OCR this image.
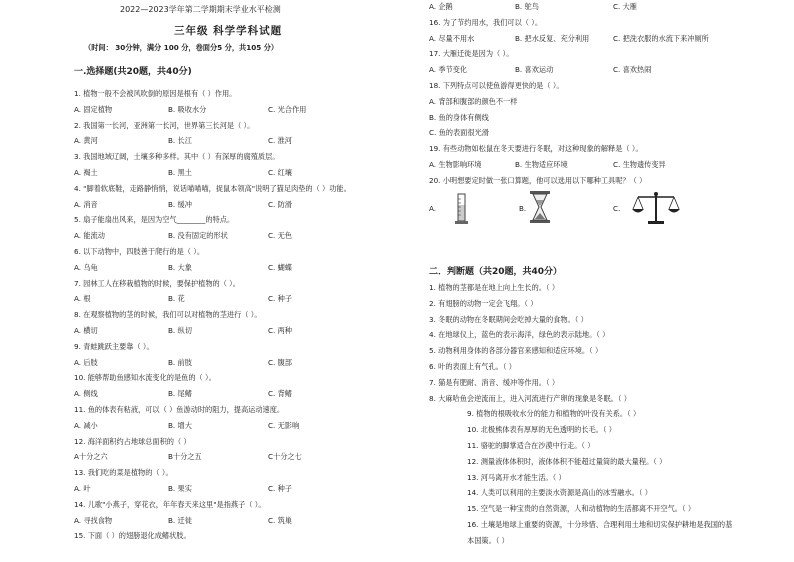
2022—2023学年第二学期期末学业水平检测
三年级 科学学科试题
（时间： 30分钟，满分 100 分，卷面分5 分，共105 分）
一.选择题(共20题，共40分)
1. 植物一般不会被风吹倒的原因是根有（ ）作用。
A. 固定植物	B. 吸收水分	C. 光合作用
2. 我国第一长河，亚洲第一长河，世界第三长河是（ ）。
A. 黄河	B. 长江	C. 淮河
3. 我国地域辽阔，土壤多种多样。其中（ ）有深厚的腐殖质层。
A. 褐土	B. 黑土	C. 红壤
4. "脚着软底鞋，走路静悄悄，说话喵喵喵，捉鼠本领高"说明了猫足肉垫的（ ）功能。
A. 消音	B. 缓冲	C. 防滑
5. 扇子能扇出风来，是因为空气________的特点。
A. 能流动	B. 没有固定的形状	C. 无色
6. 以下动物中，四肢善于爬行的是（ ）。
A. 乌龟	B. 大象	C. 蝴蝶
7. 园林工人在移栽植物的时候，要保护植物的（ ）。
A. 根	B. 花	C. 种子
8. 在观察植物的茎的时候，我们可以对植物的茎进行（ ）。
A. 横切	B. 纵切	C. 两种
9. 青蛙跳跃主要靠（ ）。
A. 后肢	B. 前肢	C. 腹部
10. 能够帮助鱼感知水流变化的是鱼的（ ）。
A. 侧线	B. 尾鳍	C. 背鳍
11. 鱼的体表有粘液，可以（ ）鱼游动时的阻力，提高运动速度。
A. 减小	B. 增大	C. 无影响
12. 海洋面积约占地球总面积的（ ）
A十分之六	B十分之五	C十分之七
13. 我们吃的菜是植物的（ ）。
A. 叶	B. 果实	C. 种子
14. 儿歌"小燕子，穿花衣，年年春天来这里"是指燕子（ ）。
A. 寻找食物	B. 迁徙	C. 筑巢
15. 下面（ ）的翅膀退化成鳍状肢。
A. 企鹅	B. 鸵鸟	C. 大雁
16. 为了节约用水，我们可以（ ）。
A. 尽量不用水	B. 把水反复、充分利用	C. 把洗衣服的水流下来冲厕所
17. 大雁迁徙是因为（ ）。
A. 季节变化	B. 喜欢运动	C. 喜欢热闹
18. 下列特点可以使鱼游得更快的是（ ）。
A. 背部和腹部的颜色不一样
B. 鱼的身体有侧线
C. 鱼的表面很光滑
19. 有些动物如松鼠在冬天要进行冬眠，对这种现象的解释是（ ）。
A. 生物影响环境	B. 生物适应环境	C. 生物遗传变异
20. 小明想要定时做一张口算题，他可以选用以下哪种工具呢？（ ）
A.	B.	C.
二．判断题（共20题，共40分）
1. 植物的茎都是在地上向上生长的。（ ）
2. 有翅膀的动物一定会飞翔。（ ）
3. 冬眠的动物在冬眠期间会吃掉大量的食物。（ ）
4. 在地球仪上，蓝色的表示海洋，绿色的表示陆地。（ ）
5. 动物利用身体的各部分器官来感知和适应环境。（ ）
6. 叶的表面上有气孔。（ ）
7. 猫是有肥耐、消音、缓冲等作用。（ ）
8. 大麻哈鱼会逆流而上，进入河流进行产卵的现象是冬眠。（ ）
9. 植物的根吸收水分的能力和植物的叶没有关系。（ ）
10. 北极熊体表有厚厚的无色透明的长毛。（ ）
11. 骆驼的脚掌适合在沙漠中行走。（ ）
12. 测量液体体积时，液体体积不能超过量筒的最大量程。（ ）
13. 河马离开水才能生活。（ ）
14. 人类可以利用的主要淡水资源是高山的冰雪融水。（ ）
15. 空气是一种宝贵的自然资源，人和动植物的生活都离不开空气。（ ）
16. 土壤是地球上重要的资源，十分珍惜、合理利用土地和切实保护耕地是我国的基
本国策。（ ）
